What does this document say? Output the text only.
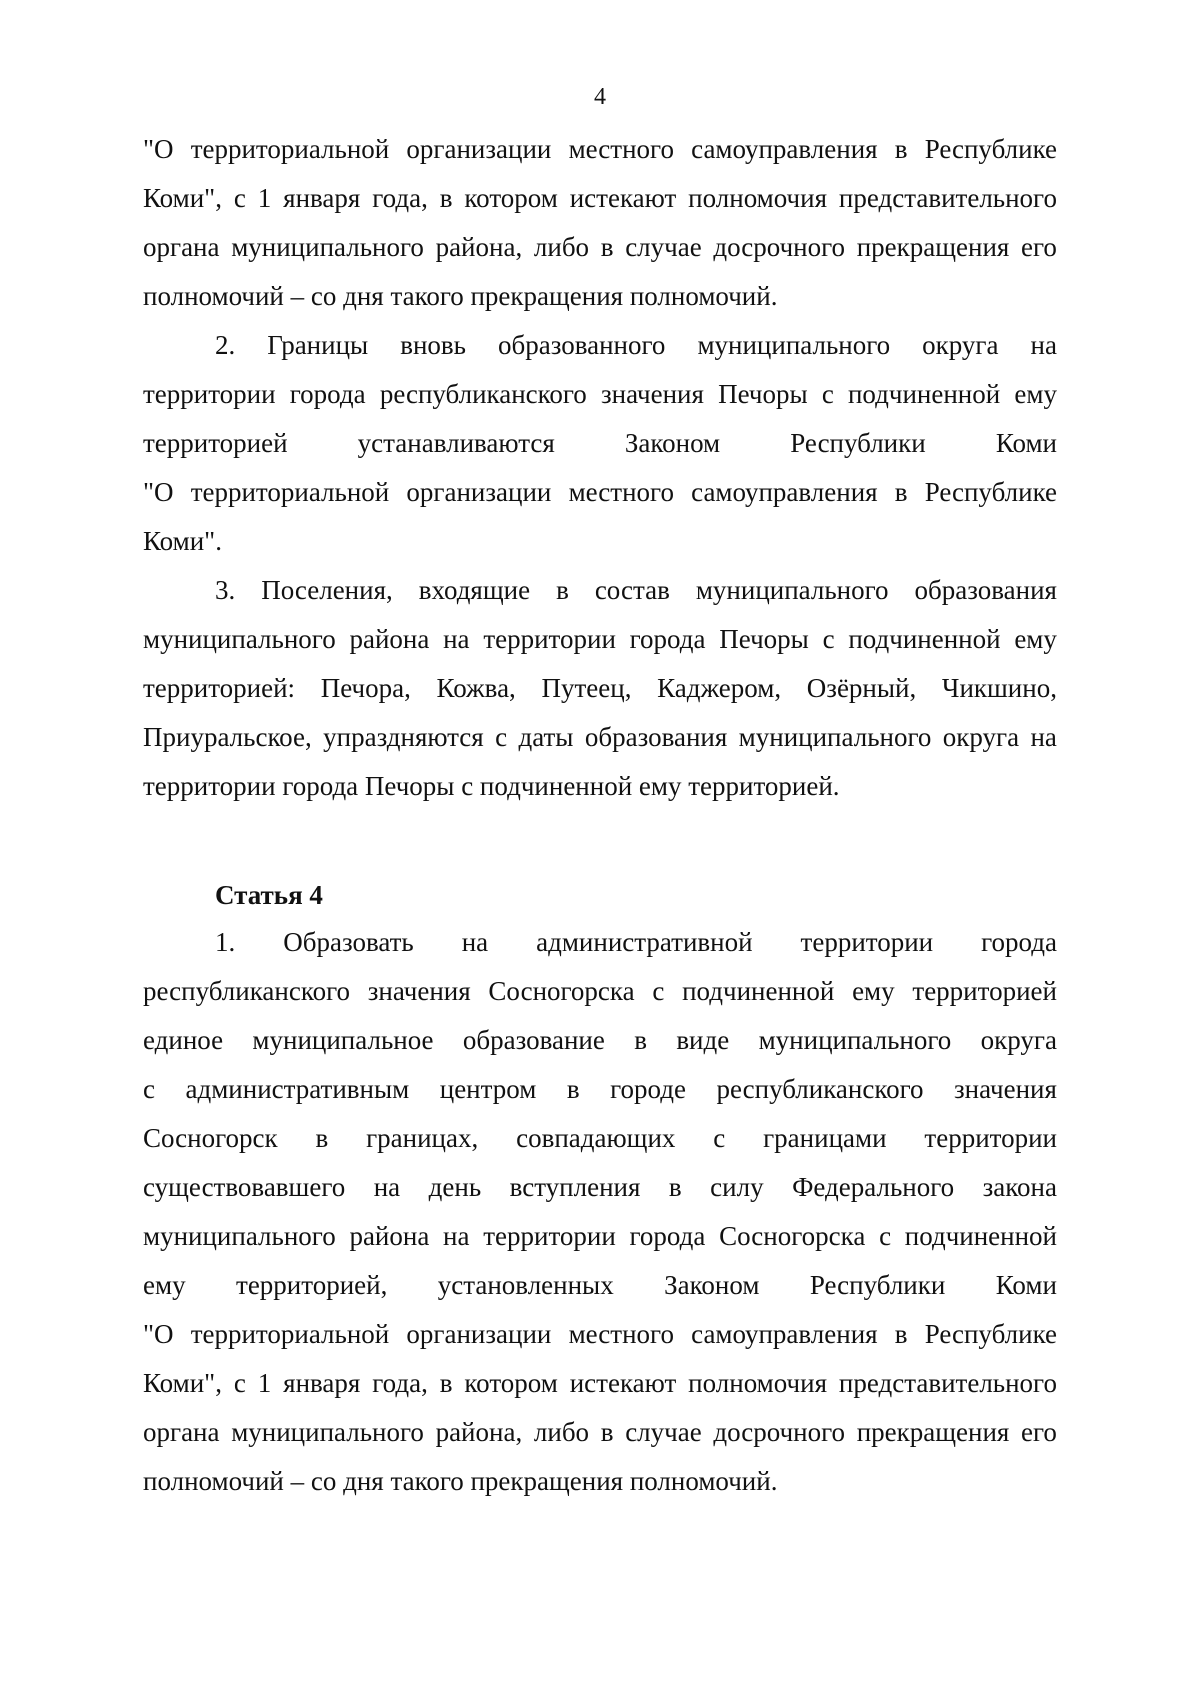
4
"О территориальной организации местного самоуправления в Республике
Коми", с 1 января года, в котором истекают полномочия представительного
органа муниципального района, либо в случае досрочного прекращения его
полномочий – со дня такого прекращения полномочий.
2. Границы вновь образованного муниципального округа на
территории города республиканского значения Печоры с подчиненной ему
территорией	устанавливаются	Законом	Республики	Коми
"О территориальной организации местного самоуправления в Республике
Коми".
3. Поселения, входящие в состав муниципального образования
муниципального района на территории города Печоры с подчиненной ему
территорией: Печора, Кожва, Путеец, Каджером, Озёрный, Чикшино,
Приуральское, упраздняются с даты образования муниципального округа на
территории города Печоры с подчиненной ему территорией.
Статья 4
1. Образовать на административной территории города
республиканского значения Сосногорска с подчиненной ему территорией
единое муниципальное образование в виде муниципального округа
с административным центром в городе республиканского значения
Сосногорск в границах, совпадающих с границами территории
существовавшего на день вступления в силу Федерального закона
муниципального района на территории города Сосногорска с подчиненной
ему территорией, установленных Законом Республики Коми
"О территориальной организации местного самоуправления в Республике
Коми", с 1 января года, в котором истекают полномочия представительного
органа муниципального района, либо в случае досрочного прекращения его
полномочий – со дня такого прекращения полномочий.
